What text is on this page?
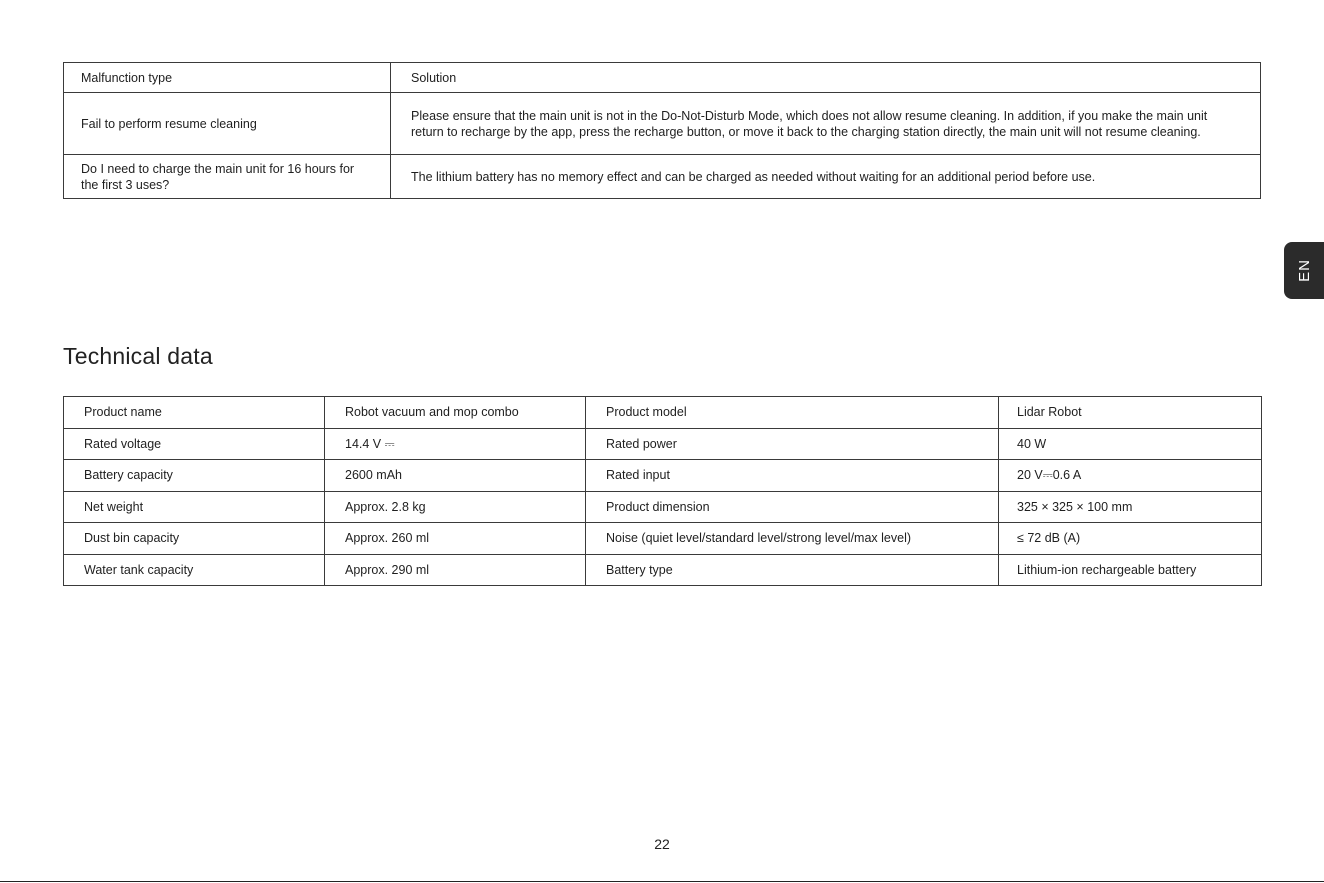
Malfunction type	Solution
Fail to perform resume cleaning	Please ensure that the main unit is not in the Do-Not-Disturb Mode, which does not allow resume cleaning. In addition, if you make the main unit return to recharge by the app, press the recharge button, or move it back to the charging station directly, the main unit will not resume cleaning.
Do I need to charge the main unit for 16 hours for the first 3 uses?	The lithium battery has no memory effect and can be charged as needed without waiting for an additional period before use.
EN
Technical data
Product name	Robot vacuum and mop combo	Product model	Lidar Robot
Rated voltage	14.4 V ⎓	Rated power	40 W
Battery capacity	2600 mAh	Rated input	20 V⎓0.6 A
Net weight	Approx. 2.8 kg	Product dimension	325 × 325 × 100 mm
Dust bin capacity	Approx. 260 ml	Noise (quiet level/standard level/strong level/max level)	≤ 72 dB (A)
Water tank capacity	Approx. 290 ml	Battery type	Lithium-ion rechargeable battery
22
